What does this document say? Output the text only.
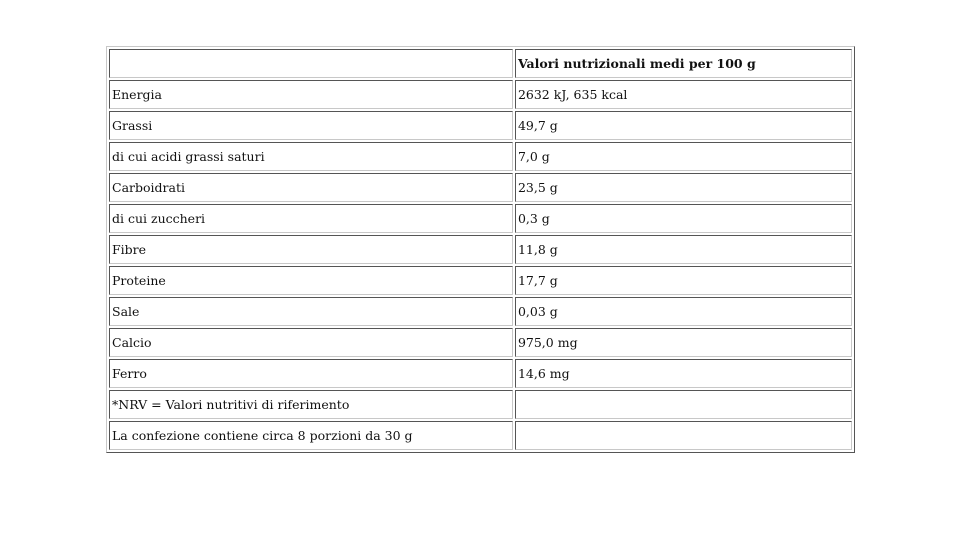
	Valori nutrizionali medi per 100 g
Energia	2632 kJ, 635 kcal
Grassi	49,7 g
di cui acidi grassi saturi	7,0 g
Carboidrati	23,5 g
di cui zuccheri	0,3 g
Fibre	11,8 g
Proteine	17,7 g
Sale	0,03 g
Calcio	975,0 mg
Ferro	14,6 mg
*NRV = Valori nutritivi di riferimento	
La confezione contiene circa 8 porzioni da 30 g	
